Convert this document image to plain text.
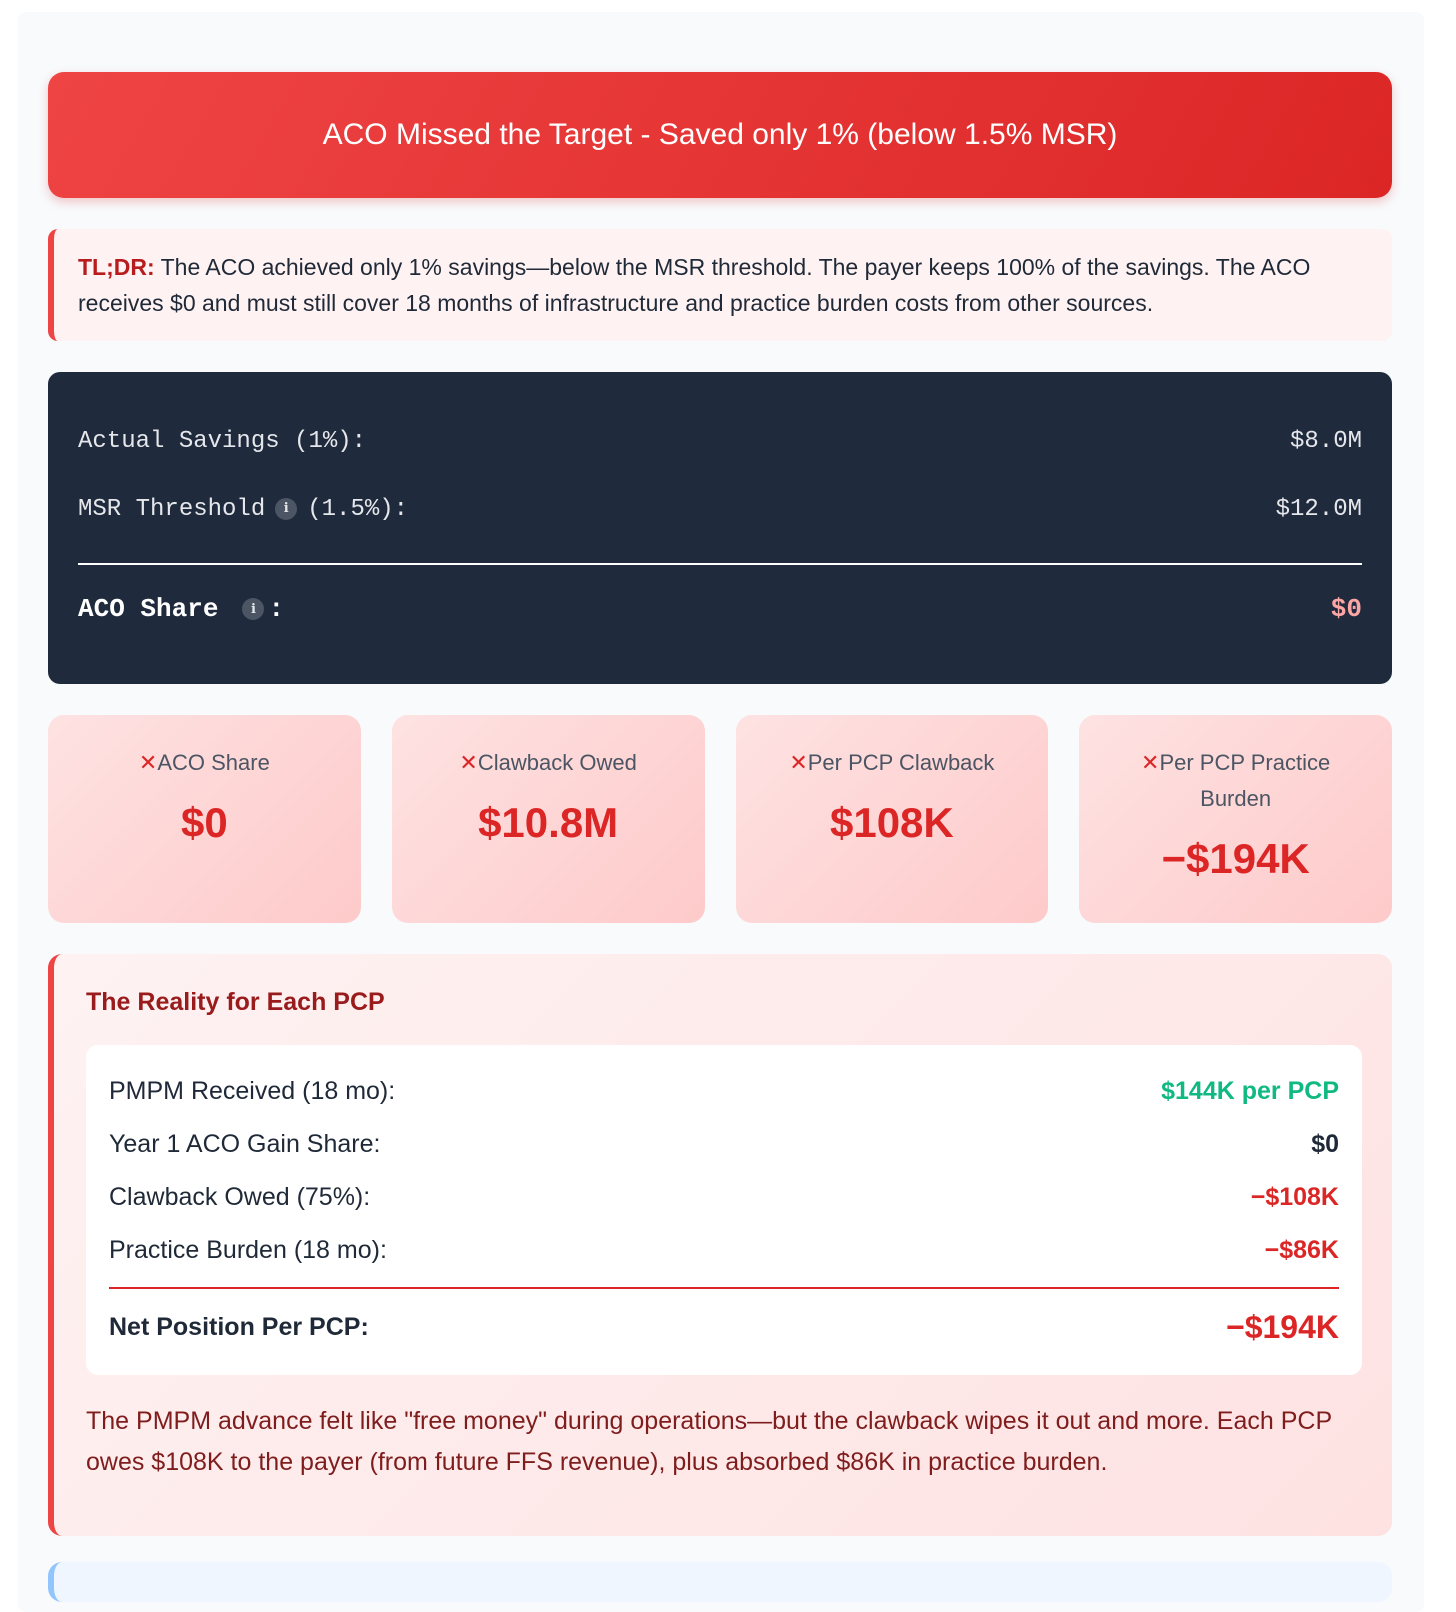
ACO Missed the Target - Saved only 1% (below 1.5% MSR)
TL;DR: The ACO achieved only 1% savings—below the MSR threshold. The payer keeps 100% of the savings. The ACO receives $0 and must still cover 18 months of infrastructure and practice burden costs from other sources.
Actual Savings (1%):	$8.0M
MSR Threshold i (1.5%):	$12.0M
ACO Share	i :	$0
✕ACO Share
$0
✕Clawback Owed
$10.8M
✕Per PCP Clawback
$108K
✕Per PCP Practice Burden
−$194K
The Reality for Each PCP
PMPM Received (18 mo):	$144K per PCP
Year 1 ACO Gain Share:	$0
Clawback Owed (75%):	−$108K
Practice Burden (18 mo):	−$86K
Net Position Per PCP:	−$194K

The PMPM advance felt like "free money" during operations—but the clawback wipes it out and more. Each PCP owes $108K to the payer (from future FFS revenue), plus absorbed $86K in practice burden.
